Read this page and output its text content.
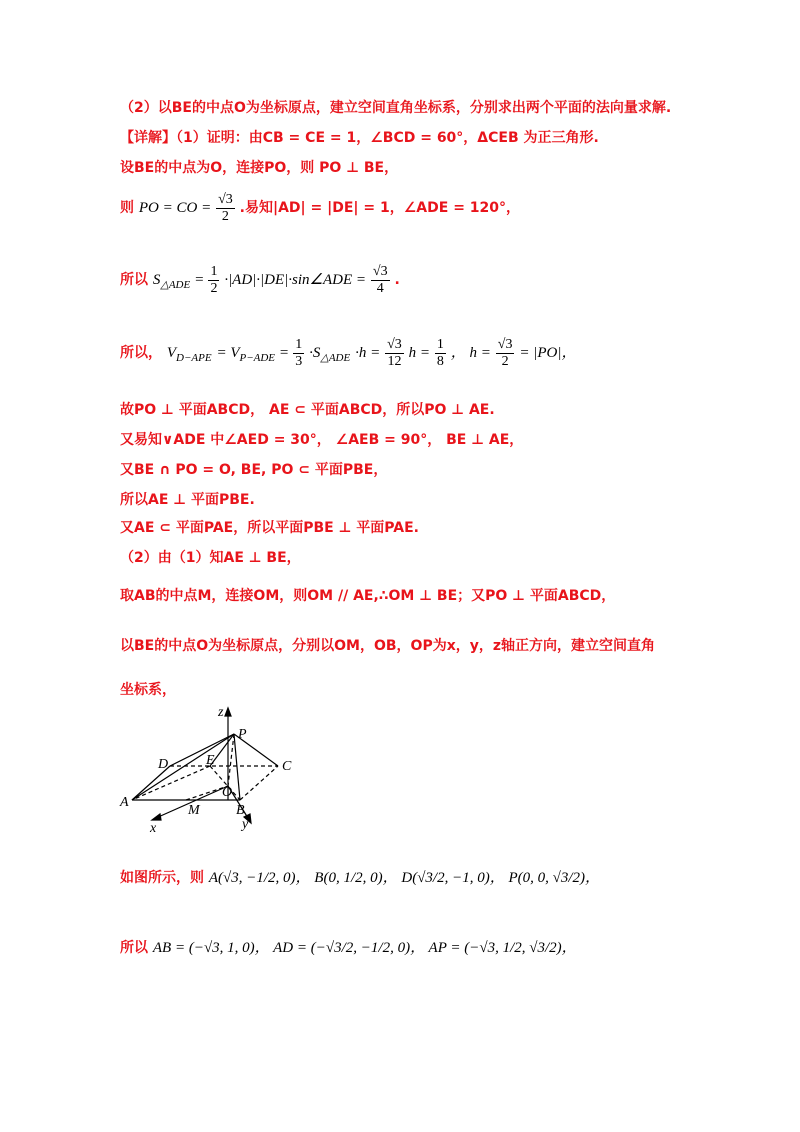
（2）以BE的中点O为坐标原点，建立空间直角坐标系，分别求出两个平面的法向量求解.
【详解】（1）证明：由CB = CE = 1，∠BCD = 60°，ΔCEB 为正三角形.
设BE的中点为O，连接PO，则 PO ⊥ BE，
则 PO = CO = $\frac{√3}{2}$ .易知|AD| = |DE| = 1，∠ADE = 120°，
所以 $S_{\triangle ADE} = \frac{1}{2}$ ·|AD|·|DE|·sin∠ADE = $\frac{√3}{4}$ .
所以， $V_{D-APE} = V_{P-ADE} = \frac{1}{3} \cdot S_{\triangle ADE} \cdot h = \frac{√3}{12}$ $h = \frac{1}{8}$ ， $h = \frac{√3}{2} = |PO|$，
故PO ⊥ 平面ABCD， AE ⊂ 平面ABCD，所以PO ⊥ AE.
又易知∨ADE 中∠AED = 30°， ∠AEB = 90°， BE ⊥ AE，
又BE ∩ PO = O, BE, PO ⊂ 平面PBE，
所以AE ⊥ 平面PBE.
又AE ⊂ 平面PAE，所以平面PBE ⊥ 平面PAE.
（2）由（1）知AE ⊥ BE，
取AB的中点M，连接OM，则OM // AE,∴OM ⊥ BE；又PO ⊥ 平面ABCD，
以BE的中点O为坐标原点，分别以OM，OB，OP为x，y，z轴正方向，建立空间直角
坐标系，
z
P
D	E	C
A
O
M	B
x	y
如图所示，则 A(√3, −1/2, 0)， B(0, 1/2, 0)， D(√3/2, −1, 0)， P(0, 0, √3/2)，
所以 AB = (−√3, 1, 0)， AD = (−√3/2, −1/2, 0)， AP = (−√3, 1/2, √3/2)，
